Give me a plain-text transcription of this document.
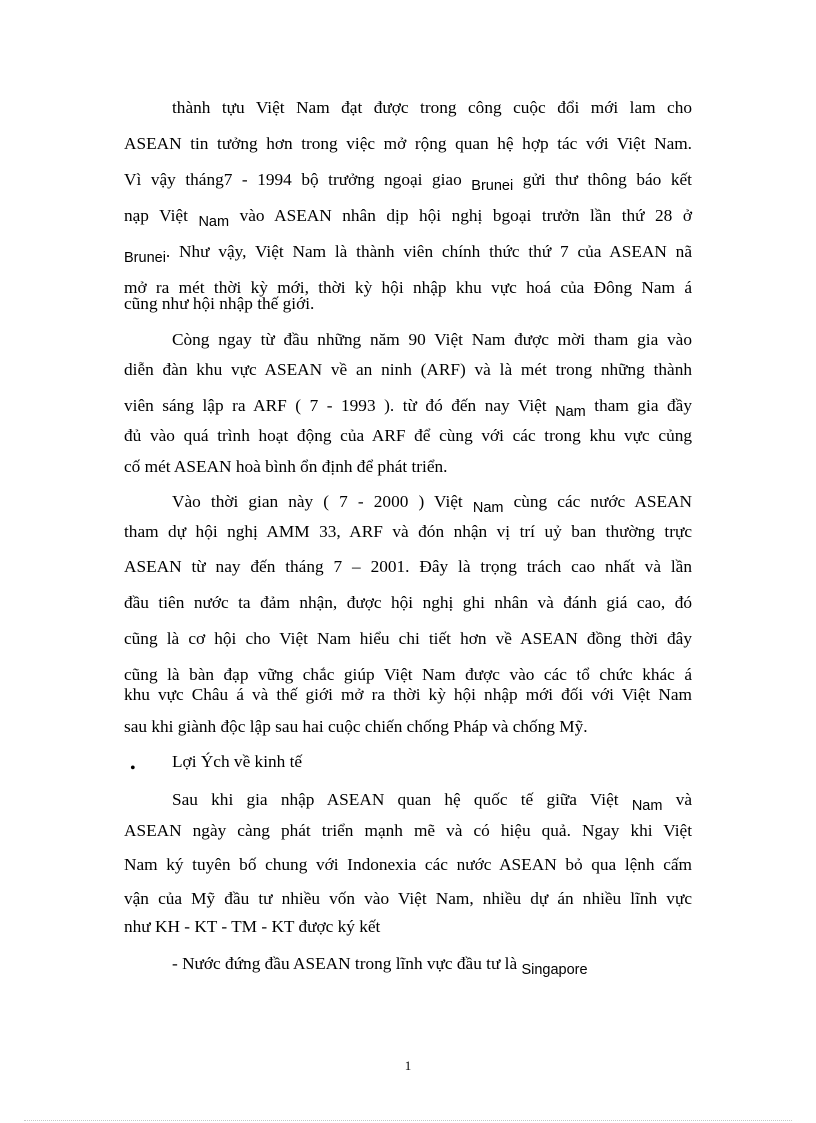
thành tựu Việt Nam đạt được trong công cuộc đổi mới lam cho
ASEAN tin tưởng hơn trong việc mở rộng quan hệ hợp tác với Việt Nam.
Vì vậy tháng7 - 1994 bộ trưởng ngoại giao $_{Brunei}$ gửi thư thông báo kết
nạp Việt $_{Nam}$ vào ASEAN nhân dịp hội nghị bgoại trưởn lần thứ 28 ở
$_{Brunei}$. Như vậy, Việt Nam là thành viên chính thức thứ 7 của ASEAN nã
mở ra mét thời kỳ mới, thời kỳ hội nhập khu vực hoá của Đông Nam á
cũng như hội nhập thế giới.
Còng ngay từ đầu những năm 90 Việt Nam được mời tham gia vào
diễn đàn khu vực ASEAN về an ninh (ARF) và là mét trong những thành
viên sáng lập ra ARF ( 7 - 1993 ). từ đó đến nay Việt $_{Nam}$ tham gia đầy
đủ vào quá trình hoạt động của ARF để cùng với các trong khu vực củng
cố mét ASEAN hoà bình ổn định để phát triển.
Vào thời gian này ( 7 - 2000 ) Việt $_{Nam}$ cùng các nước ASEAN
tham dự hội nghị AMM 33, ARF và đón nhận vị trí uỷ ban thường trực
ASEAN từ nay đến tháng 7 – 2001. Đây là trọng trách cao nhất và lần
đầu tiên nước ta đảm nhận, được hội nghị ghi nhân và đánh giá cao, đó
cũng là cơ hội cho Việt Nam hiểu chi tiết hơn về ASEAN đồng thời đây
cũng là bàn đạp vững chắc giúp Việt Nam được vào các tổ chức khác á
khu vực Châu á và thế giới mở ra thời kỳ hội nhập mới đối với Việt Nam
sau khi giành độc lập sau hai cuộc chiến chống Pháp và chống Mỹ.
•	Lợi Ých về kinh tế
Sau khi gia nhập ASEAN quan hệ quốc tế giữa Việt $_{Nam}$ và
ASEAN ngày càng phát triển mạnh mẽ và có hiệu quả. Ngay khi Việt
Nam ký tuyên bố chung với Indonexia các nước ASEAN bỏ qua lệnh cấm
vận của Mỹ đầu tư nhiều vốn vào Việt Nam, nhiều dự án nhiều lĩnh vực
như KH - KT - TM - KT được ký kết
- Nước đứng đầu ASEAN trong lĩnh vực đầu tư là $_{Singapore}$
1
